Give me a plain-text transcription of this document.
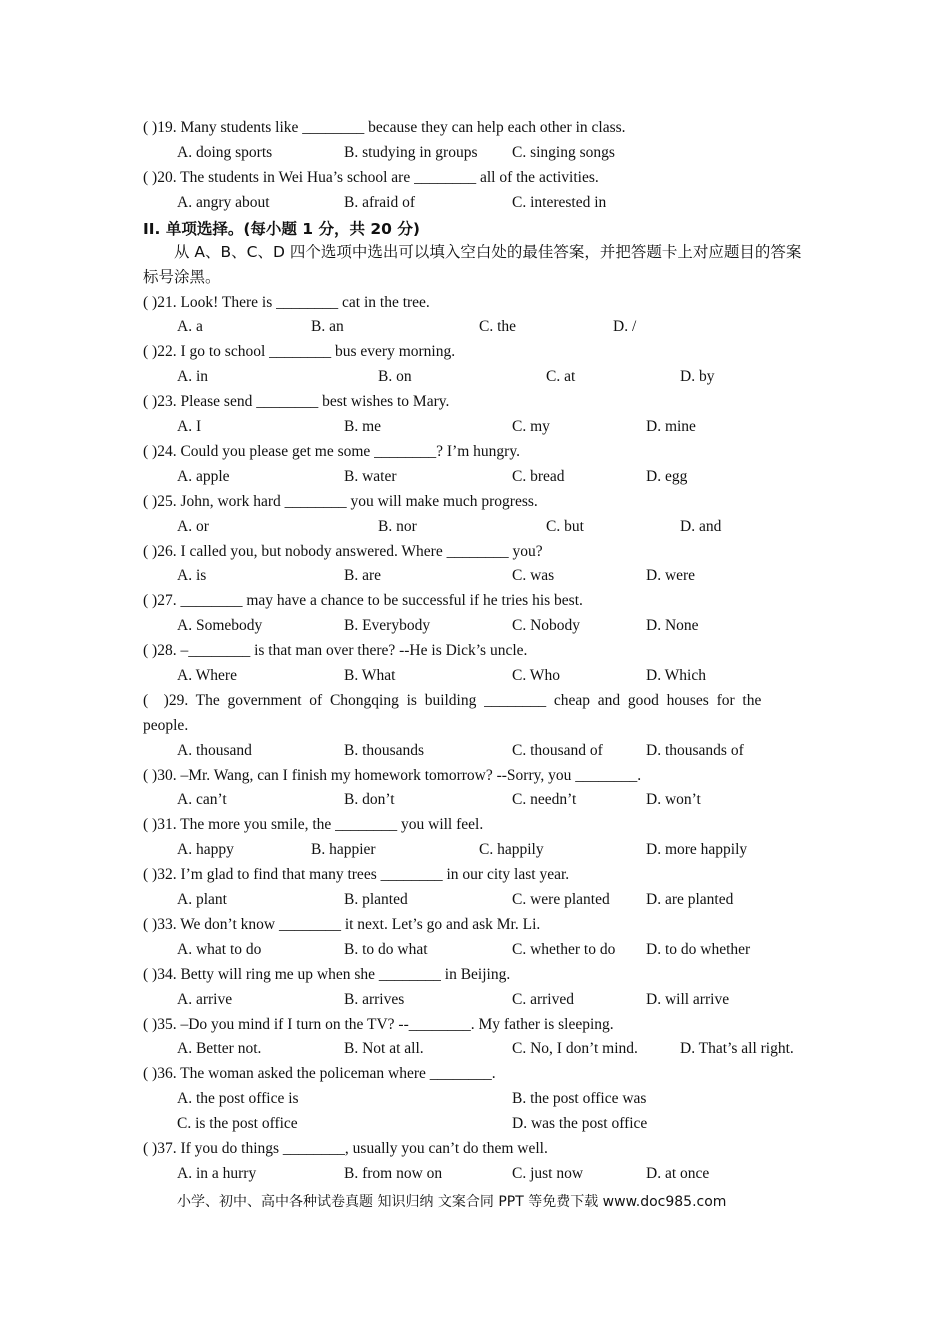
( )19. Many students like ________ because they can help each other in class.
A. doing sports	B. studying in groups C. singing songs
( )20. The students in Wei Hua’s school are ________ all of the activities.
A. angry about	B. afraid of	C. interested in
II. 单项选择。(每小题 1 分，共 20 分)
从 A、B、C、D 四个选项中选出可以填入空白处的最佳答案，并把答题卡上对应题目的答案标号涂黑。
( )21. Look! There is ________ cat in the tree.
A. a	B. an	C. the	D. /
( )22. I go to school ________ bus every morning.
A. in	B. on	C. at	D. by
( )23. Please send ________ best wishes to Mary.
A. I	B. me	C. my	D. mine
( )24. Could you please get me some ________? I’m hungry.
A. apple	B. water	C. bread	D. egg
( )25. John, work hard ________ you will make much progress.
A. or	B. nor	C. but	D. and
( )26. I called you, but nobody answered. Where ________ you?
A. is	B. are	C. was	D. were
( )27. ________ may have a chance to be successful if he tries his best.
A. Somebody	B. Everybody	C. Nobody	D. None
( )28. –________ is that man over there? --He is Dick’s uncle.
A. Where	B. What	C. Who	D. Which
(    )29.  The  government  of  Chongqing  is  building  ________  cheap  and  good  houses  for  the
people.
A. thousand	B. thousands	C. thousand of	D. thousands of
( )30. –Mr. Wang, can I finish my homework tomorrow? --Sorry, you ________.
A. can’t	B. don’t	C. needn’t	D. won’t
( )31. The more you smile, the ________ you will feel.
A. happy	B. happier	C. happily	D. more happily
( )32. I’m glad to find that many trees ________ in our city last year.
A. plant	B. planted	C. were planted D. are planted
( )33. We don’t know ________ it next. Let’s go and ask Mr. Li.
A. what to do	B. to do what	C. whether to do D. to do whether
( )34. Betty will ring me up when she ________ in Beijing.
A. arrive	B. arrives	C. arrived	D. will arrive
( )35. –Do you mind if I turn on the TV? --________. My father is sleeping.
A. Better not.	B. Not at all.	C. No, I don’t mind.	D. That’s all right.
( )36. The woman asked the policeman where ________.
A. the post office is	B. the post office was
C. is the post office	D. was the post office
( )37. If you do things ________, usually you can’t do them well.
A. in a hurry	B. from now on	C. just now	D. at once
小学、初中、高中各种试卷真题 知识归纳 文案合同 PPT 等免费下载 www.doc985.com
